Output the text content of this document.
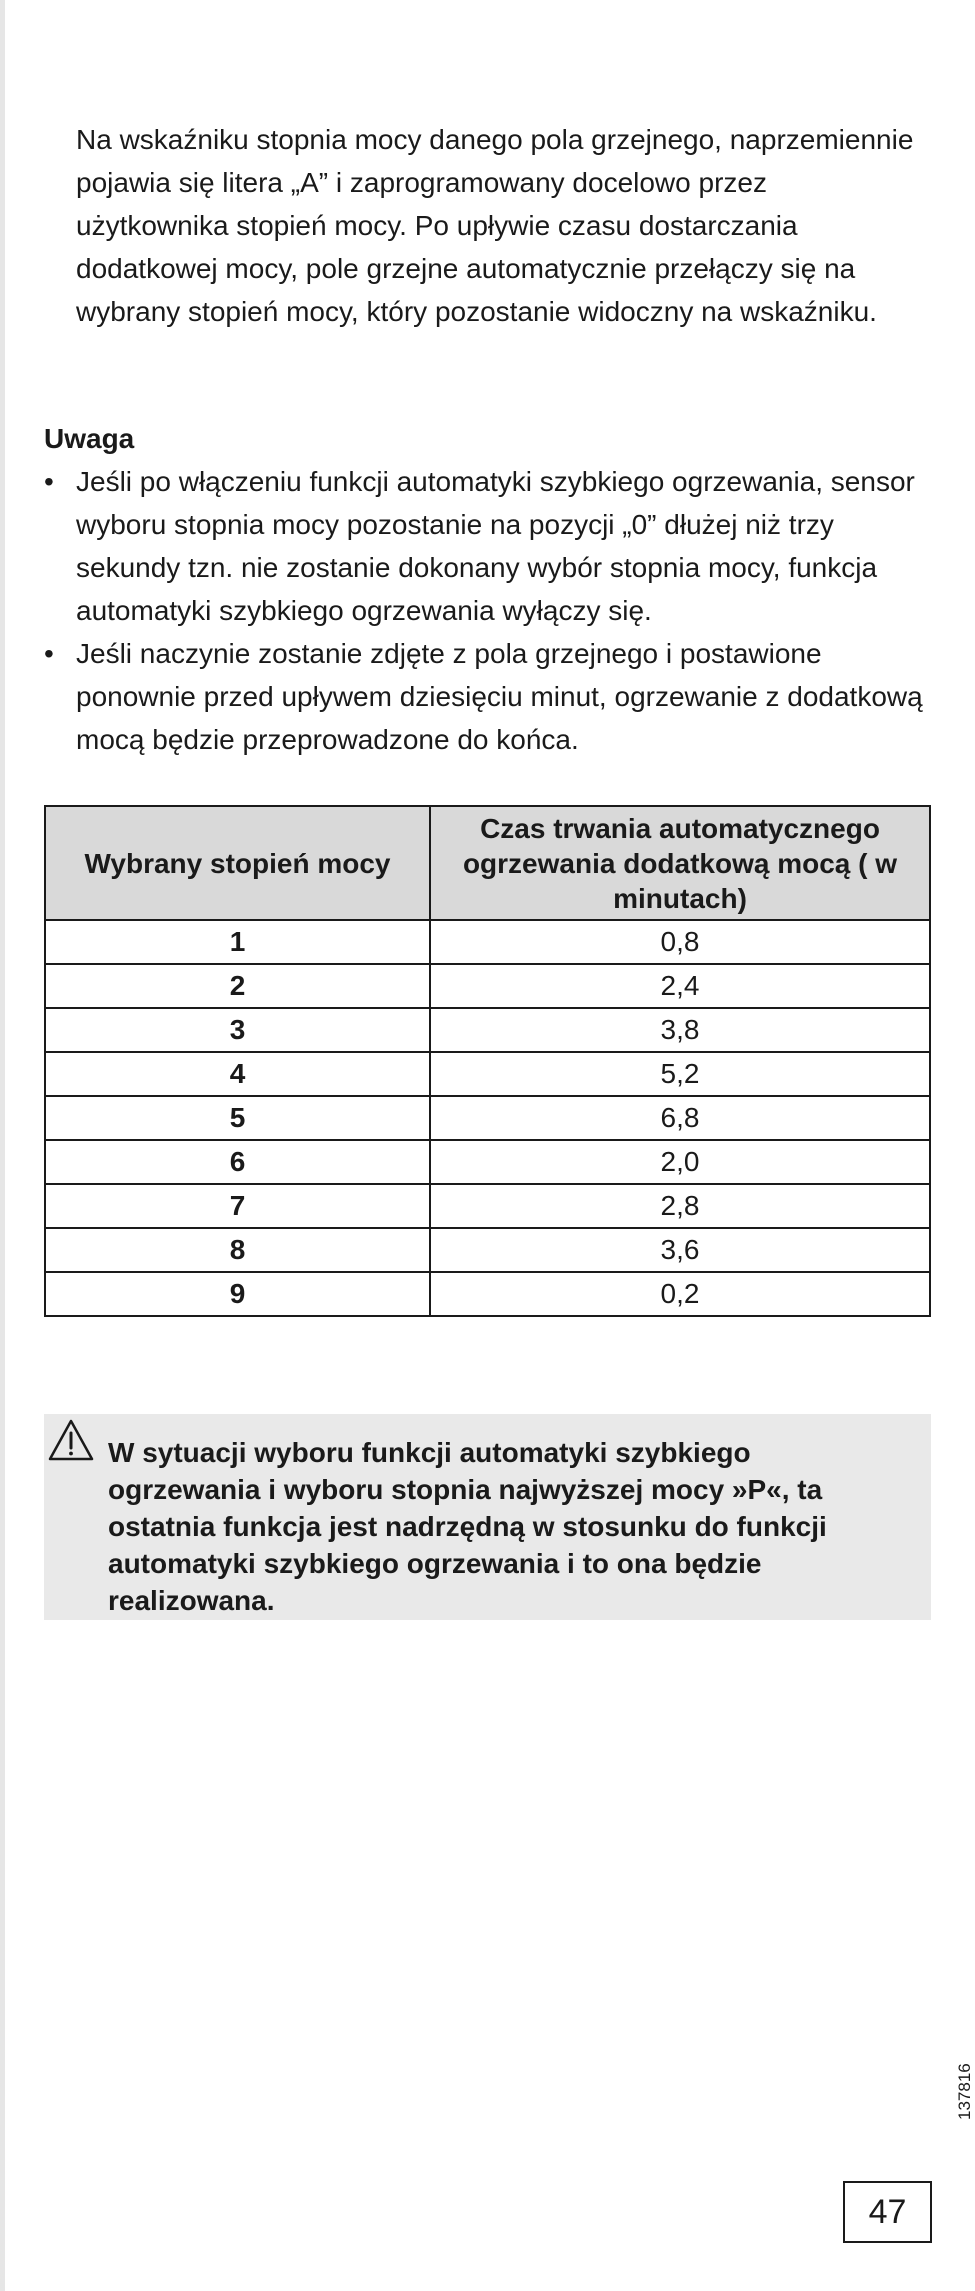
Na wskaźniku stopnia mocy danego pola grzejnego, naprzemiennie pojawia się litera „A” i zaprogramowany docelowo przez użytkownika stopień mocy. Po upływie czasu dostarczania dodatkowej mocy, pole grzejne automatycznie przełączy się na wybrany stopień mocy, który pozostanie widoczny na wskaźniku.

Uwaga
• Jeśli po włączeniu funkcji automatyki szybkiego ogrzewania, sensor wyboru stopnia mocy pozostanie na pozycji „0” dłużej niż trzy sekundy tzn. nie zostanie dokonany wybór stopnia mocy, funkcja automatyki szybkiego ogrzewania wyłączy się.
• Jeśli naczynie zostanie zdjęte z pola grzejnego i postawione ponownie przed upływem dziesięciu minut, ogrzewanie z dodatkową mocą będzie przeprowadzone do końca.
Wybrany stopień mocy	Czas trwania automatycznego ogrzewania dodatkową mocą ( w minutach)
1	0,8
2	2,4
3	3,8
4	5,2
5	6,8
6	2,0
7	2,8
8	3,6
9	0,2

W sytuacji wyboru funkcji automatyki szybkiego ogrzewania i wyboru stopnia najwyższej mocy »P«, ta ostatnia funkcja jest nadrzędną w stosunku do funkcji automatyki szybkiego ogrzewania i to ona będzie realizowana.

137816
47
